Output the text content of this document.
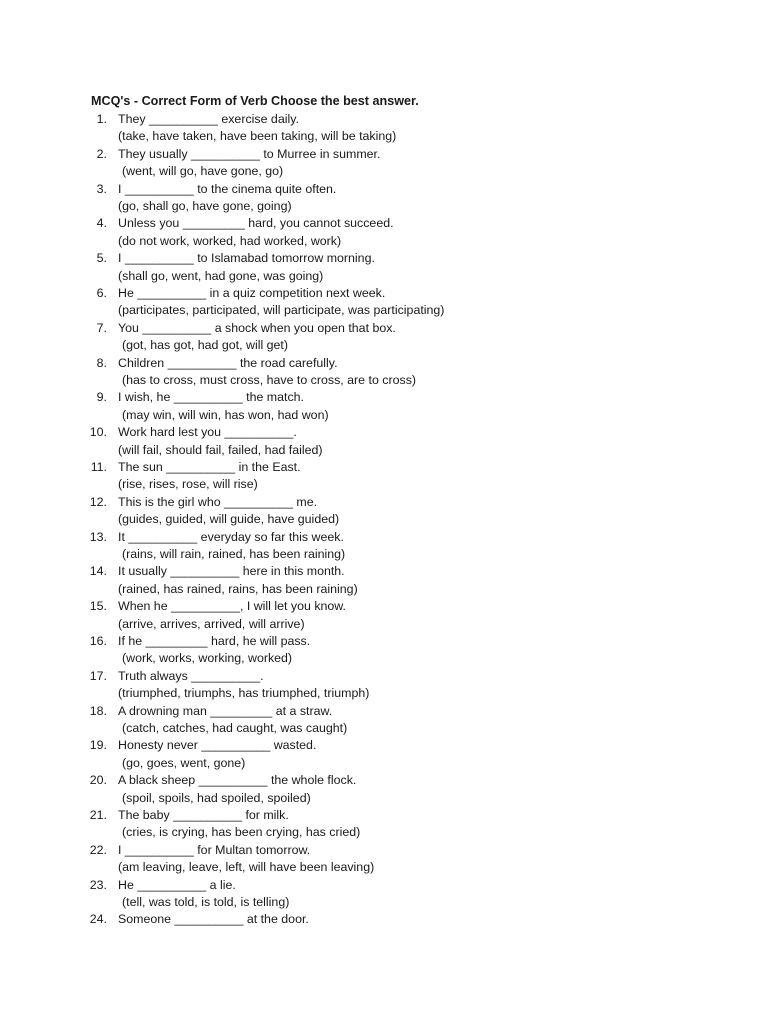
MCQ's - Correct Form of Verb Choose the best answer.
1. They __________ exercise daily.
(take, have taken, have been taking, will be taking)
2. They usually __________ to Murree in summer.
(went, will go, have gone, go)
3. I __________ to the cinema quite often.
(go, shall go, have gone, going)
4. Unless you _________ hard, you cannot succeed.
(do not work, worked, had worked, work)
5. I __________ to Islamabad tomorrow morning.
(shall go, went, had gone, was going)
6. He __________ in a quiz competition next week.
(participates, participated, will participate, was participating)
7. You __________ a shock when you open that box.
(got, has got, had got, will get)
8. Children __________ the road carefully.
(has to cross, must cross, have to cross, are to cross)
9. I wish, he __________ the match.
(may win, will win, has won, had won)
10. Work hard lest you __________.
(will fail, should fail, failed, had failed)
11. The sun __________ in the East.
(rise, rises, rose, will rise)
12. This is the girl who __________ me.
(guides, guided, will guide, have guided)
13. It __________ everyday so far this week.
(rains, will rain, rained, has been raining)
14. It usually __________ here in this month.
(rained, has rained, rains, has been raining)
15. When he __________, I will let you know.
(arrive, arrives, arrived, will arrive)
16. If he _________ hard, he will pass.
(work, works, working, worked)
17. Truth always __________.
(triumphed, triumphs, has triumphed, triumph)
18. A drowning man _________ at a straw.
(catch, catches, had caught, was caught)
19. Honesty never __________ wasted.
(go, goes, went, gone)
20. A black sheep __________ the whole flock.
(spoil, spoils, had spoiled, spoiled)
21. The baby __________ for milk.
(cries, is crying, has been crying, has cried)
22. I __________ for Multan tomorrow.
(am leaving, leave, left, will have been leaving)
23. He __________ a lie.
(tell, was told, is told, is telling)
24. Someone __________ at the door.
